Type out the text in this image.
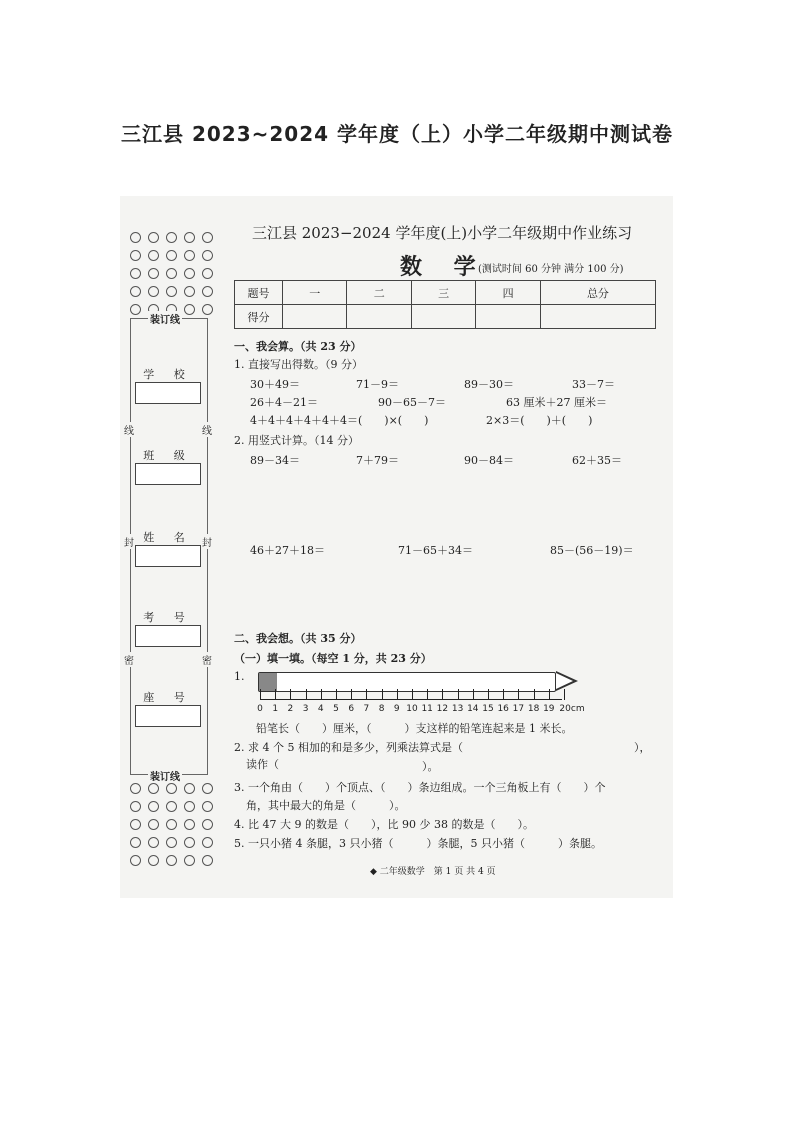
三江县 2023~2024 学年度（上）小学二年级期中测试卷
装订线
装订线
线	线
封	封
密	密
学 校
班 级
姓 名
考 号
座 号
三江县 2023−2024 学年度(上)小学二年级期中作业练习
数 学
(测试时间 60 分钟 满分 100 分)
题号	一	二	三	四	总分
得分					
一、我会算。（共 23 分）
1. 直接写出得数。（9 分）
30＋49＝	71－9＝	89－30＝	33－7＝
26＋4－21＝	90－65－7＝	63 厘米＋27 厘米＝
4＋4＋4＋4＋4＋4＝(　　)×(　　)	2×3＝(　　)＋(　　)
2. 用竖式计算。（14 分）
89－34＝	7＋79＝	90－84＝	62＋35＝
46＋27＋18＝	71－65＋34＝	85－(56－19)＝
二、我会想。（共 35 分）
（一）填一填。（每空 1 分，共 23 分）
1.
0 1 2 3 4 5 6 7 8 9 10 11 12 13 14 15 16 17 18 19 20cm
铅笔长（　　）厘米，（　　　）支这样的铅笔连起来是 1 米长。
2. 求 4 个 5 相加的和是多少，列乘法算式是（	），
读作（	）。
3. 一个角由（　　）个顶点、（　　）条边组成。一个三角板上有（　　）个
角，其中最大的角是（　　　）。
4. 比 47 大 9 的数是（　　），比 90 少 38 的数是（　　）。
5. 一只小猪 4 条腿，3 只小猪（　　　）条腿，5 只小猪（　　　）条腿。
◆ 二年级数学　第 1 页 共 4 页
